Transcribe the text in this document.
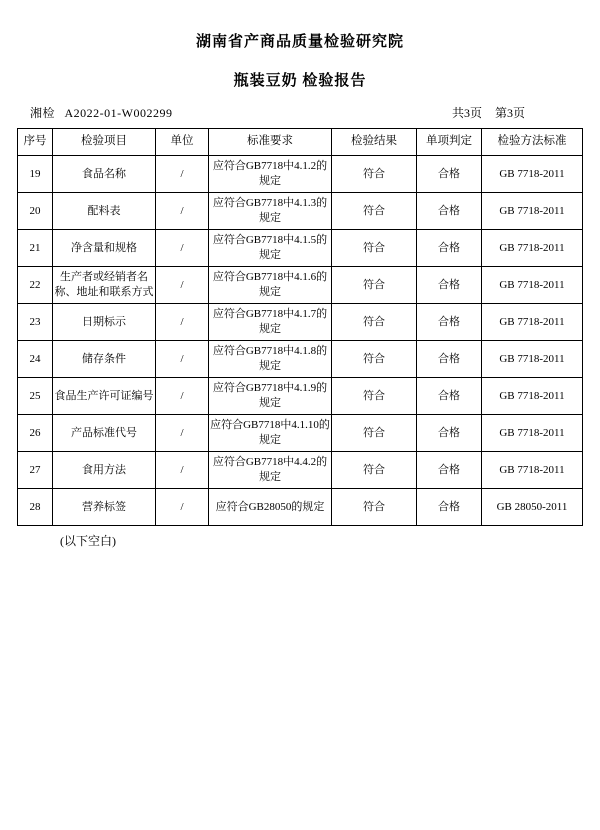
湖南省产商品质量检验研究院
瓶装豆奶 检验报告
湘检 A2022-01-W002299	共3页 第3页
序号	检验项目	单位	标准要求	检验结果	单项判定	检验方法标准
19	食品名称	/	应符合GB7718中4.1.2的规定	符合	合格	GB 7718-2011
20	配料表	/	应符合GB7718中4.1.3的规定	符合	合格	GB 7718-2011
21	净含量和规格	/	应符合GB7718中4.1.5的规定	符合	合格	GB 7718-2011
22	生产者或经销者名称、地址和联系方式	/	应符合GB7718中4.1.6的规定	符合	合格	GB 7718-2011
23	日期标示	/	应符合GB7718中4.1.7的规定	符合	合格	GB 7718-2011
24	储存条件	/	应符合GB7718中4.1.8的规定	符合	合格	GB 7718-2011
25	食品生产许可证编号	/	应符合GB7718中4.1.9的规定	符合	合格	GB 7718-2011
26	产品标准代号	/	应符合GB7718中4.1.10的规定	符合	合格	GB 7718-2011
27	食用方法	/	应符合GB7718中4.4.2的规定	符合	合格	GB 7718-2011
28	营养标签	/	应符合GB28050的规定	符合	合格	GB 28050-2011
(以下空白)
